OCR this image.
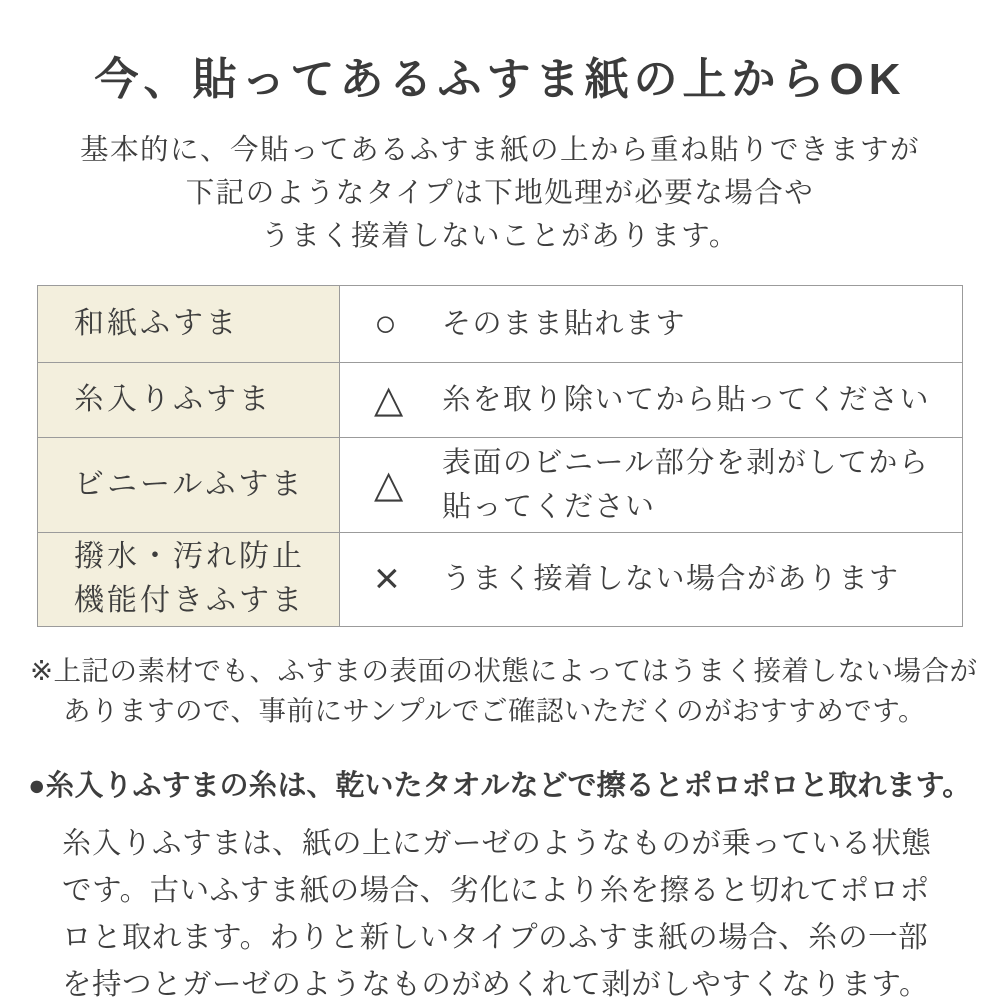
今、貼ってあるふすま紙の上からOK
基本的に、今貼ってあるふすま紙の上から重ね貼りできますが
下記のようなタイプは下地処理が必要な場合や
うまく接着しないことがあります。
和紙ふすま	○ そのまま貼れます

糸入りふすま	△ 糸を取り除いてから貼ってください

ビニールふすま	△
表面のビニール部分を剥がしてから
貼ってください

撥水・汚れ防止
機能付きふすま	×	うまく接着しない場合があります
※上記の素材でも、ふすまの表面の状態によってはうまく接着しない場合が
ありますので、事前にサンプルでご確認いただくのがおすすめです。
●糸入りふすまの糸は、乾いたタオルなどで擦るとポロポロと取れます。
糸入りふすまは、紙の上にガーゼのようなものが乗っている状態
です。古いふすま紙の場合、劣化により糸を擦ると切れてポロポ
ロと取れます。わりと新しいタイプのふすま紙の場合、糸の一部
を持つとガーゼのようなものがめくれて剥がしやすくなります。
